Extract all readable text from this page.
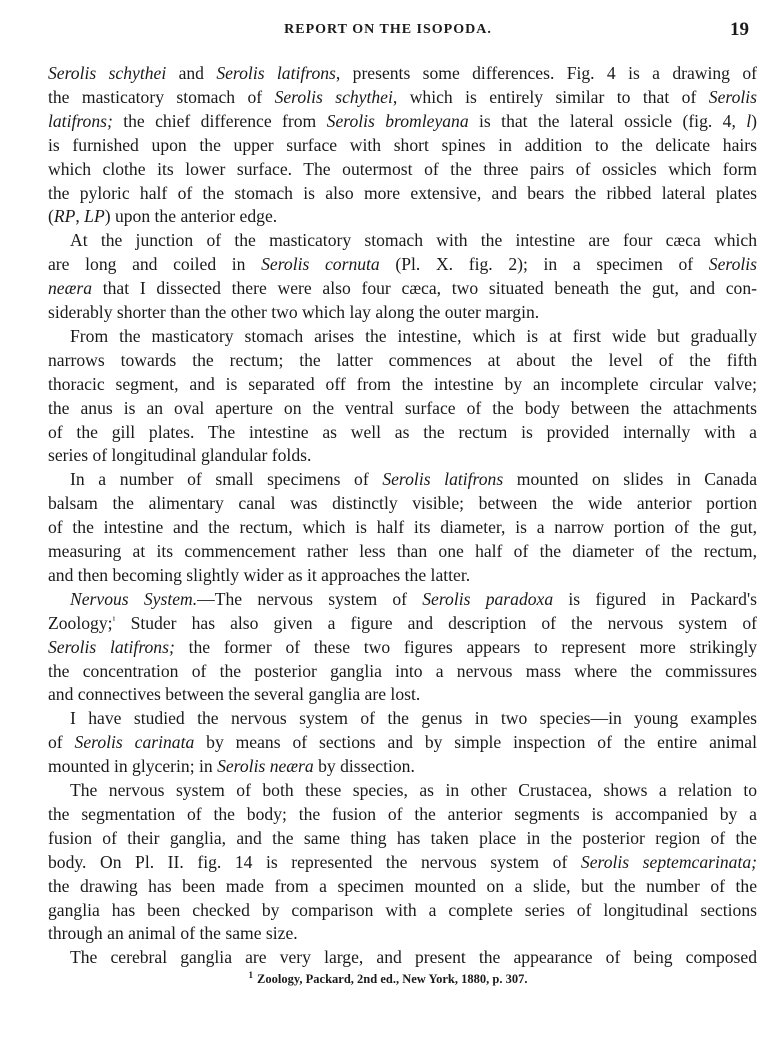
REPORT ON THE ISOPODA.	19
Serolis schythei and Serolis latifrons, presents some differences. Fig. 4 is a drawing of
the masticatory stomach of Serolis schythei, which is entirely similar to that of Serolis
latifrons; the chief difference from Serolis bromleyana is that the lateral ossicle (fig. 4, l)
is furnished upon the upper surface with short spines in addition to the delicate hairs
which clothe its lower surface. The outermost of the three pairs of ossicles which form
the pyloric half of the stomach is also more extensive, and bears the ribbed lateral plates
(RP, LP) upon the anterior edge.
At the junction of the masticatory stomach with the intestine are four cæca which
are long and coiled in Serolis cornuta (Pl. X. fig. 2); in a specimen of Serolis
neæra that I dissected there were also four cæca, two situated beneath the gut, and con-
siderably shorter than the other two which lay along the outer margin.
From the masticatory stomach arises the intestine, which is at first wide but gradually
narrows towards the rectum; the latter commences at about the level of the fifth
thoracic segment, and is separated off from the intestine by an incomplete circular valve;
the anus is an oval aperture on the ventral surface of the body between the attachments
of the gill plates. The intestine as well as the rectum is provided internally with a
series of longitudinal glandular folds.
In a number of small specimens of Serolis latifrons mounted on slides in Canada
balsam the alimentary canal was distinctly visible; between the wide anterior portion
of the intestine and the rectum, which is half its diameter, is a narrow portion of the gut,
measuring at its commencement rather less than one half of the diameter of the rectum,
and then becoming slightly wider as it approaches the latter.
Nervous System.—The nervous system of Serolis paradoxa is figured in Packard's
Zoology;$^{^1}$ Studer has also given a figure and description of the nervous system of
Serolis latifrons; the former of these two figures appears to represent more strikingly
the concentration of the posterior ganglia into a nervous mass where the commissures
and connectives between the several ganglia are lost.
I have studied the nervous system of the genus in two species—in young examples
of Serolis carinata by means of sections and by simple inspection of the entire animal
mounted in glycerin; in Serolis neæra by dissection.
The nervous system of both these species, as in other Crustacea, shows a relation to
the segmentation of the body; the fusion of the anterior segments is accompanied by a
fusion of their ganglia, and the same thing has taken place in the posterior region of the
body. On Pl. II. fig. 14 is represented the nervous system of Serolis septemcarinata;
the drawing has been made from a specimen mounted on a slide, but the number of the
ganglia has been checked by comparison with a complete series of longitudinal sections
through an animal of the same size.
The cerebral ganglia are very large, and present the appearance of being composed
$^1$ Zoology, Packard, 2nd ed., New York, 1880, p. 307.
